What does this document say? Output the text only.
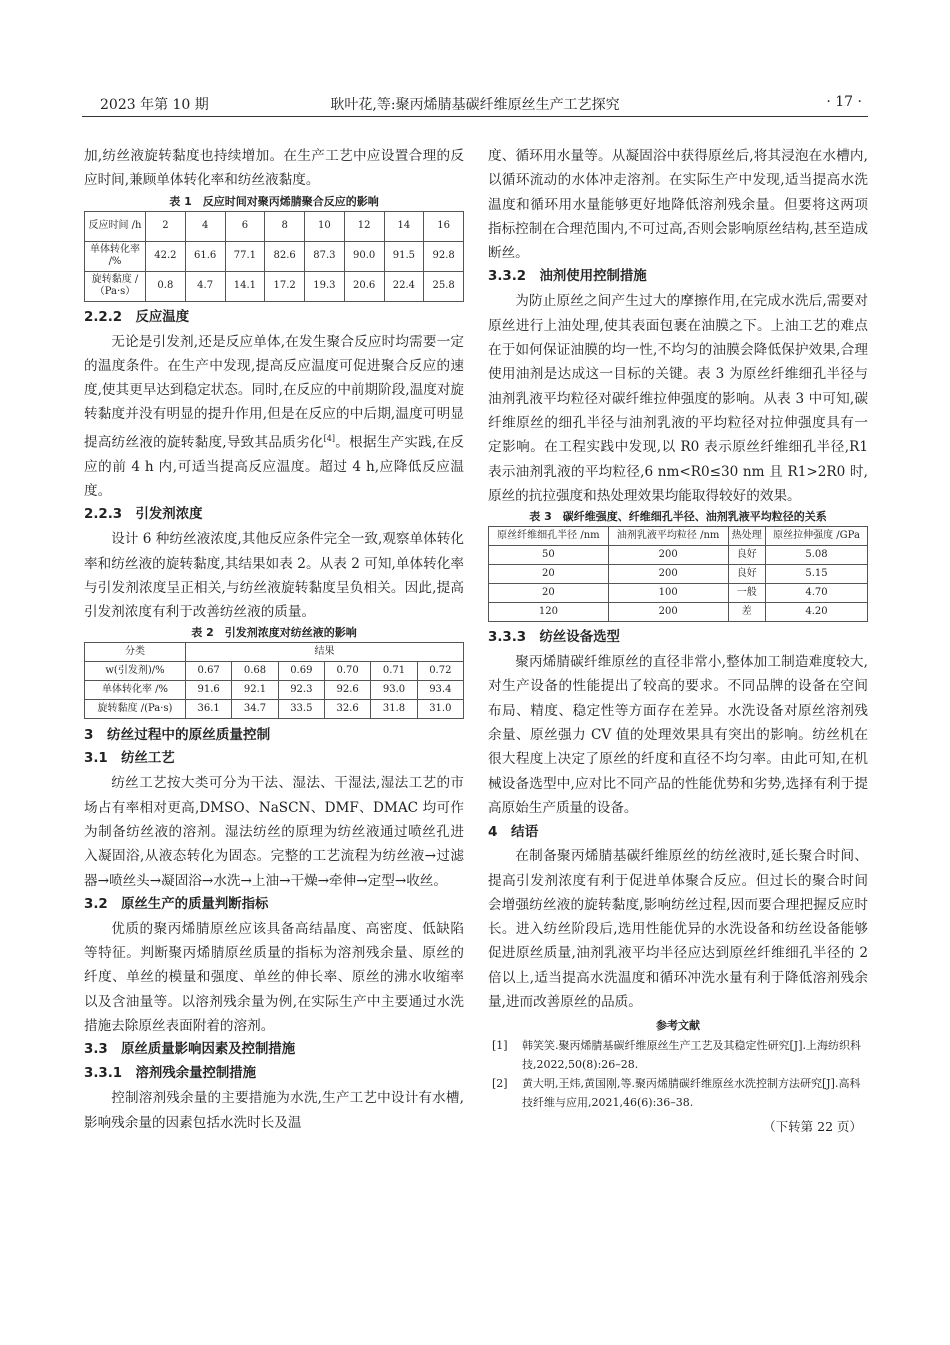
2023 年第 10 期	耿叶花,等:聚丙烯腈基碳纤维原丝生产工艺探究	· 17 ·

加,纺丝液旋转黏度也持续增加。在生产工艺中应设置合理的反应时间,兼顾单体转化率和纺丝液黏度。

表 1　反应时间对聚丙烯腈聚合反应的影响
反应时间 /h	2	4	6	8	10	12	14	16
单体转化率 /%	42.2	61.6	77.1	82.6	87.3	90.0	91.5	92.8
旋转黏度 /（Pa·s）	0.8	4.7	14.1	17.2	19.3	20.6	22.4	25.8
2.2.2　反应温度

无论是引发剂,还是反应单体,在发生聚合反应时均需要一定的温度条件。在生产中发现,提高反应温度可促进聚合反应的速度,使其更早达到稳定状态。同时,在反应的中前期阶段,温度对旋转黏度并没有明显的提升作用,但是在反应的中后期,温度可明显提高纺丝液的旋转黏度,导致其品质劣化[4]。根据生产实践,在反应的前 4 h 内,可适当提高反应温度。超过 4 h,应降低反应温度。

2.2.3　引发剂浓度

设计 6 种纺丝液浓度,其他反应条件完全一致,观察单体转化率和纺丝液的旋转黏度,其结果如表 2。从表 2 可知,单体转化率与引发剂浓度呈正相关,与纺丝液旋转黏度呈负相关。因此,提高引发剂浓度有利于改善纺丝液的质量。

表 2　引发剂浓度对纺丝液的影响
分类	结果					
w(引发剂)/%	0.67	0.68	0.69	0.70	0.71	0.72
单体转化率 /%	91.6	92.1	92.3	92.6	93.0	93.4
旋转黏度 /(Pa·s)	36.1	34.7	33.5	32.6	31.8	31.0
3　纺丝过程中的原丝质量控制
3.1　纺丝工艺

纺丝工艺按大类可分为干法、湿法、干湿法,湿法工艺的市场占有率相对更高,DMSO、NaSCN、DMF、DMAC 均可作为制备纺丝液的溶剂。湿法纺丝的原理为纺丝液通过喷丝孔进入凝固浴,从液态转化为固态。完整的工艺流程为纺丝液→过滤器→喷丝头→凝固浴→水洗→上油→干燥→牵伸→定型→收丝。

3.2　原丝生产的质量判断指标

优质的聚丙烯腈原丝应该具备高结晶度、高密度、低缺陷等特征。判断聚丙烯腈原丝质量的指标为溶剂残余量、原丝的纤度、单丝的模量和强度、单丝的伸长率、原丝的沸水收缩率以及含油量等。以溶剂残余量为例,在实际生产中主要通过水洗措施去除原丝表面附着的溶剂。

3.3　原丝质量影响因素及控制措施
3.3.1　溶剂残余量控制措施

控制溶剂残余量的主要措施为水洗,生产工艺中设计有水槽,影响残余量的因素包括水洗时长及温

度、循环用水量等。从凝固浴中获得原丝后,将其浸泡在水槽内,以循环流动的水体冲走溶剂。在实际生产中发现,适当提高水洗温度和循环用水量能够更好地降低溶剂残余量。但要将这两项指标控制在合理范围内,不可过高,否则会影响原丝结构,甚至造成断丝。

3.3.2　油剂使用控制措施

为防止原丝之间产生过大的摩擦作用,在完成水洗后,需要对原丝进行上油处理,使其表面包裹在油膜之下。上油工艺的难点在于如何保证油膜的均一性,不均匀的油膜会降低保护效果,合理使用油剂是达成这一目标的关键。表 3 为原丝纤维细孔半径与油剂乳液平均粒径对碳纤维拉伸强度的影响。从表 3 中可知,碳纤维原丝的细孔半径与油剂乳液的平均粒径对拉伸强度具有一定影响。在工程实践中发现,以 R0 表示原丝纤维细孔半径,R1 表示油剂乳液的平均粒径,6 nm<R0≤30 nm 且 R1>2R0 时,原丝的抗拉强度和热处理效果均能取得较好的效果。

表 3　碳纤维强度、纤维细孔半径、油剂乳液平均粒径的关系
原丝纤维细孔半径 /nm	油剂乳液平均粒径 /nm	热处理	原丝拉伸强度 /GPa
50	200	良好	5.08
20	200	良好	5.15
20	100	一般	4.70
120	200	差	4.20
3.3.3　纺丝设备选型

聚丙烯腈碳纤维原丝的直径非常小,整体加工制造难度较大,对生产设备的性能提出了较高的要求。不同品牌的设备在空间布局、精度、稳定性等方面存在差异。水洗设备对原丝溶剂残余量、原丝强力 CV 值的处理效果具有突出的影响。纺丝机在很大程度上决定了原丝的纤度和直径不均匀率。由此可知,在机械设备选型中,应对比不同产品的性能优势和劣势,选择有利于提高原始生产质量的设备。

4　结语

在制备聚丙烯腈基碳纤维原丝的纺丝液时,延长聚合时间、提高引发剂浓度有利于促进单体聚合反应。但过长的聚合时间会增强纺丝液的旋转黏度,影响纺丝过程,因而要合理把握反应时长。进入纺丝阶段后,选用性能优异的水洗设备和纺丝设备能够促进原丝质量,油剂乳液平均半径应达到原丝纤维细孔半径的 2 倍以上,适当提高水洗温度和循环冲洗水量有利于降低溶剂残余量,进而改善原丝的品质。

参考文献
[1] 韩笑笑.聚丙烯腈基碳纤维原丝生产工艺及其稳定性研究[J].上海纺织科技,2022,50(8):26–28.
[2] 黄大明,王炜,黄国刚,等.聚丙烯腈碳纤维原丝水洗控制方法研究[J].高科技纤维与应用,2021,46(6):36–38.
（下转第 22 页）
